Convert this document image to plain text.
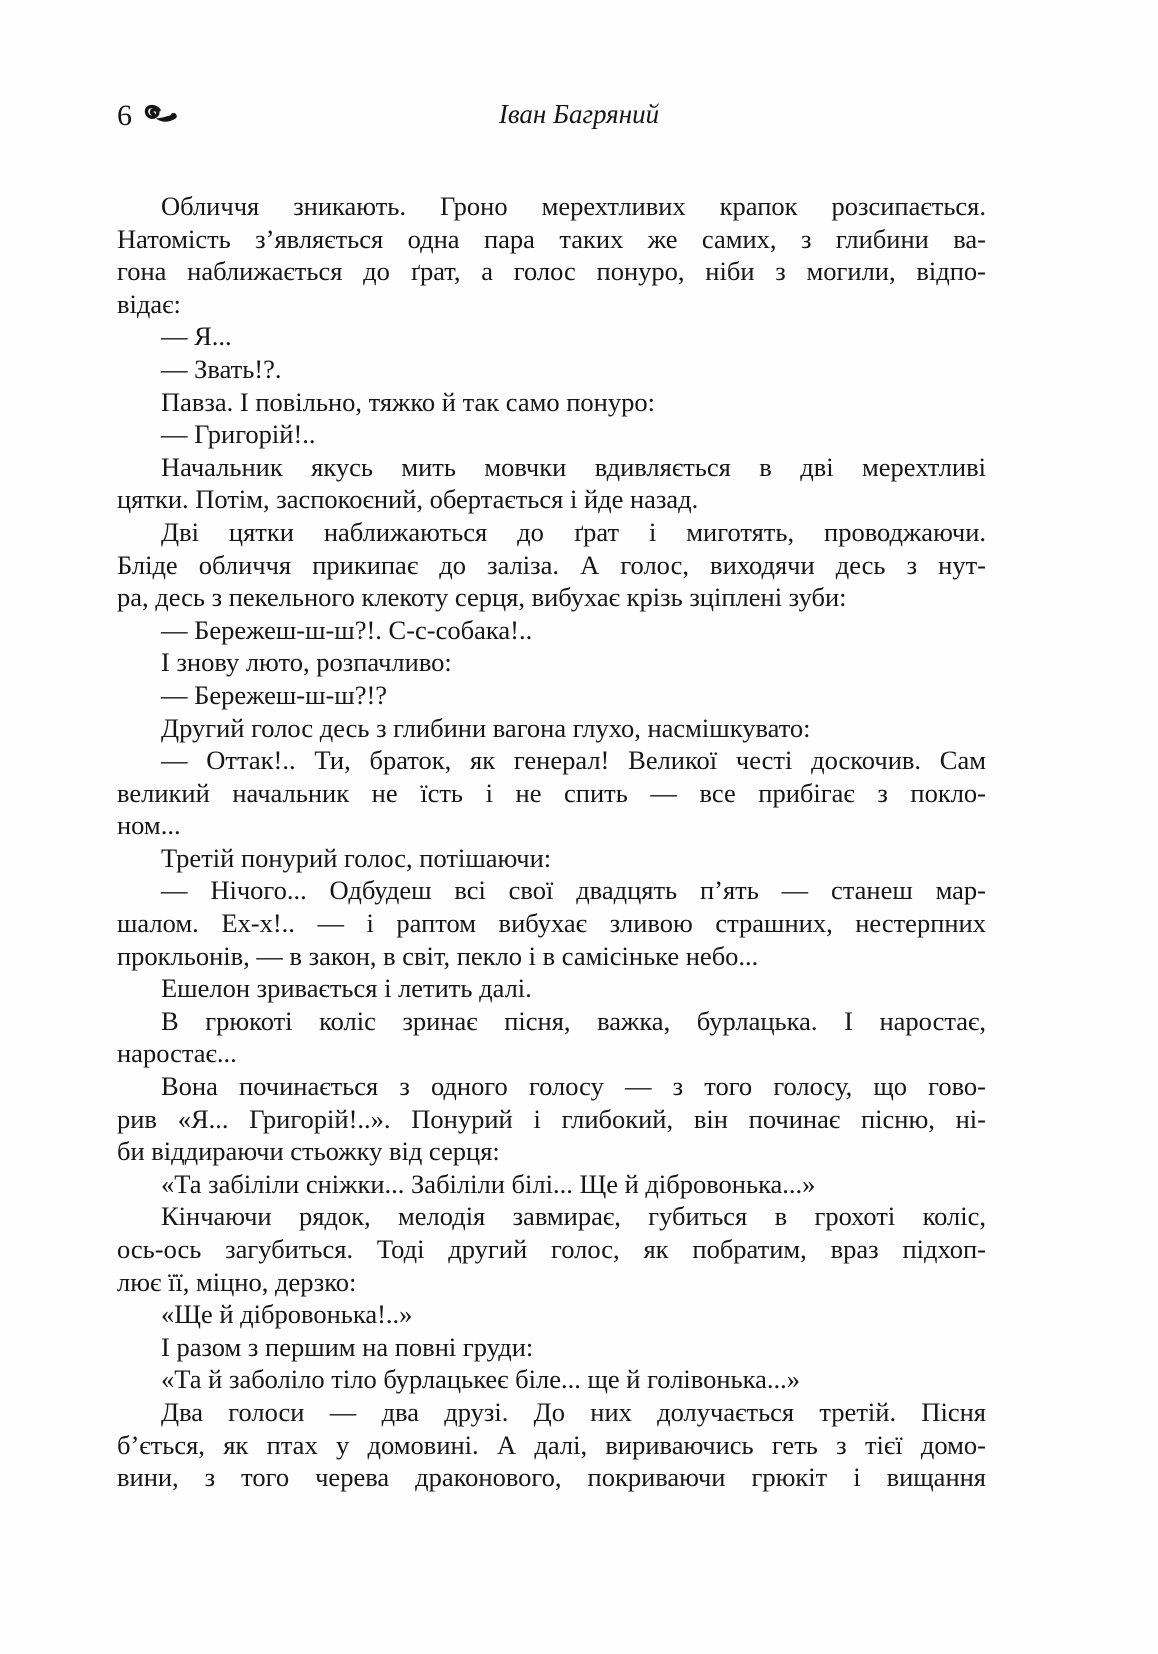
6	Іван Багряний
Обличчя зникають. Гроно мерехтливих крапок розсипається.
Натомість з’являється одна пара таких же самих, з глибини ва-
гона наближається до ґрат, а голос понуро, ніби з могили, відпо-
відає:
— Я...
— Звать!?.
Павза. І повільно, тяжко й так само понуро:
— Григорій!..
Начальник якусь мить мовчки вдивляється в дві мерехтливі
цятки. Потім, заспокоєний, обертається і йде назад.
Дві цятки наближаються до ґрат і миготять, проводжаючи.
Бліде обличчя прикипає до заліза. А голос, виходячи десь з нут-
ра, десь з пекельного клекоту серця, вибухає крізь зціплені зуби:
— Бережеш-ш-ш?!. С-с-собака!..
І знову люто, розпачливо:
— Бережеш-ш-ш?!?
Другий голос десь з глибини вагона глухо, насмішкувато:
— Оттак!.. Ти, браток, як генерал! Великої честі доскочив. Сам
великий начальник не їсть і не спить — все прибігає з покло-
ном...
Третій понурий голос, потішаючи:
— Нічого... Одбудеш всі свої двадцять п’ять — станеш мар-
шалом. Ех-х!.. — і раптом вибухає зливою страшних, нестерпних
прокльонів, — в закон, в світ, пекло і в самісіньке небо...
Ешелон зривається і летить далі.
В грюкоті коліс зринає пісня, важка, бурлацька. І наростає,
наростає...
Вона починається з одного голосу — з того голосу, що гово-
рив «Я... Григорій!..». Понурий і глибокий, він починає пісню, ні-
би віддираючи стьожку від серця:
«Та забіліли сніжки... Забіліли білі... Ще й дібровонька...»
Кінчаючи рядок, мелодія завмирає, губиться в грохоті коліс,
ось-ось загубиться. Тоді другий голос, як побратим, враз підхоп-
лює її, міцно, дерзко:
«Ще й дібровонька!..»
І разом з першим на повні груди:
«Та й заболіло тіло бурлацькеє біле... ще й голівонька...»
Два голоси — два друзі. До них долучається третій. Пісня
б’ється, як птах у домовині. А далі, вириваючись геть з тієї домо-
вини, з того черева драконового, покриваючи грюкіт і вищання
